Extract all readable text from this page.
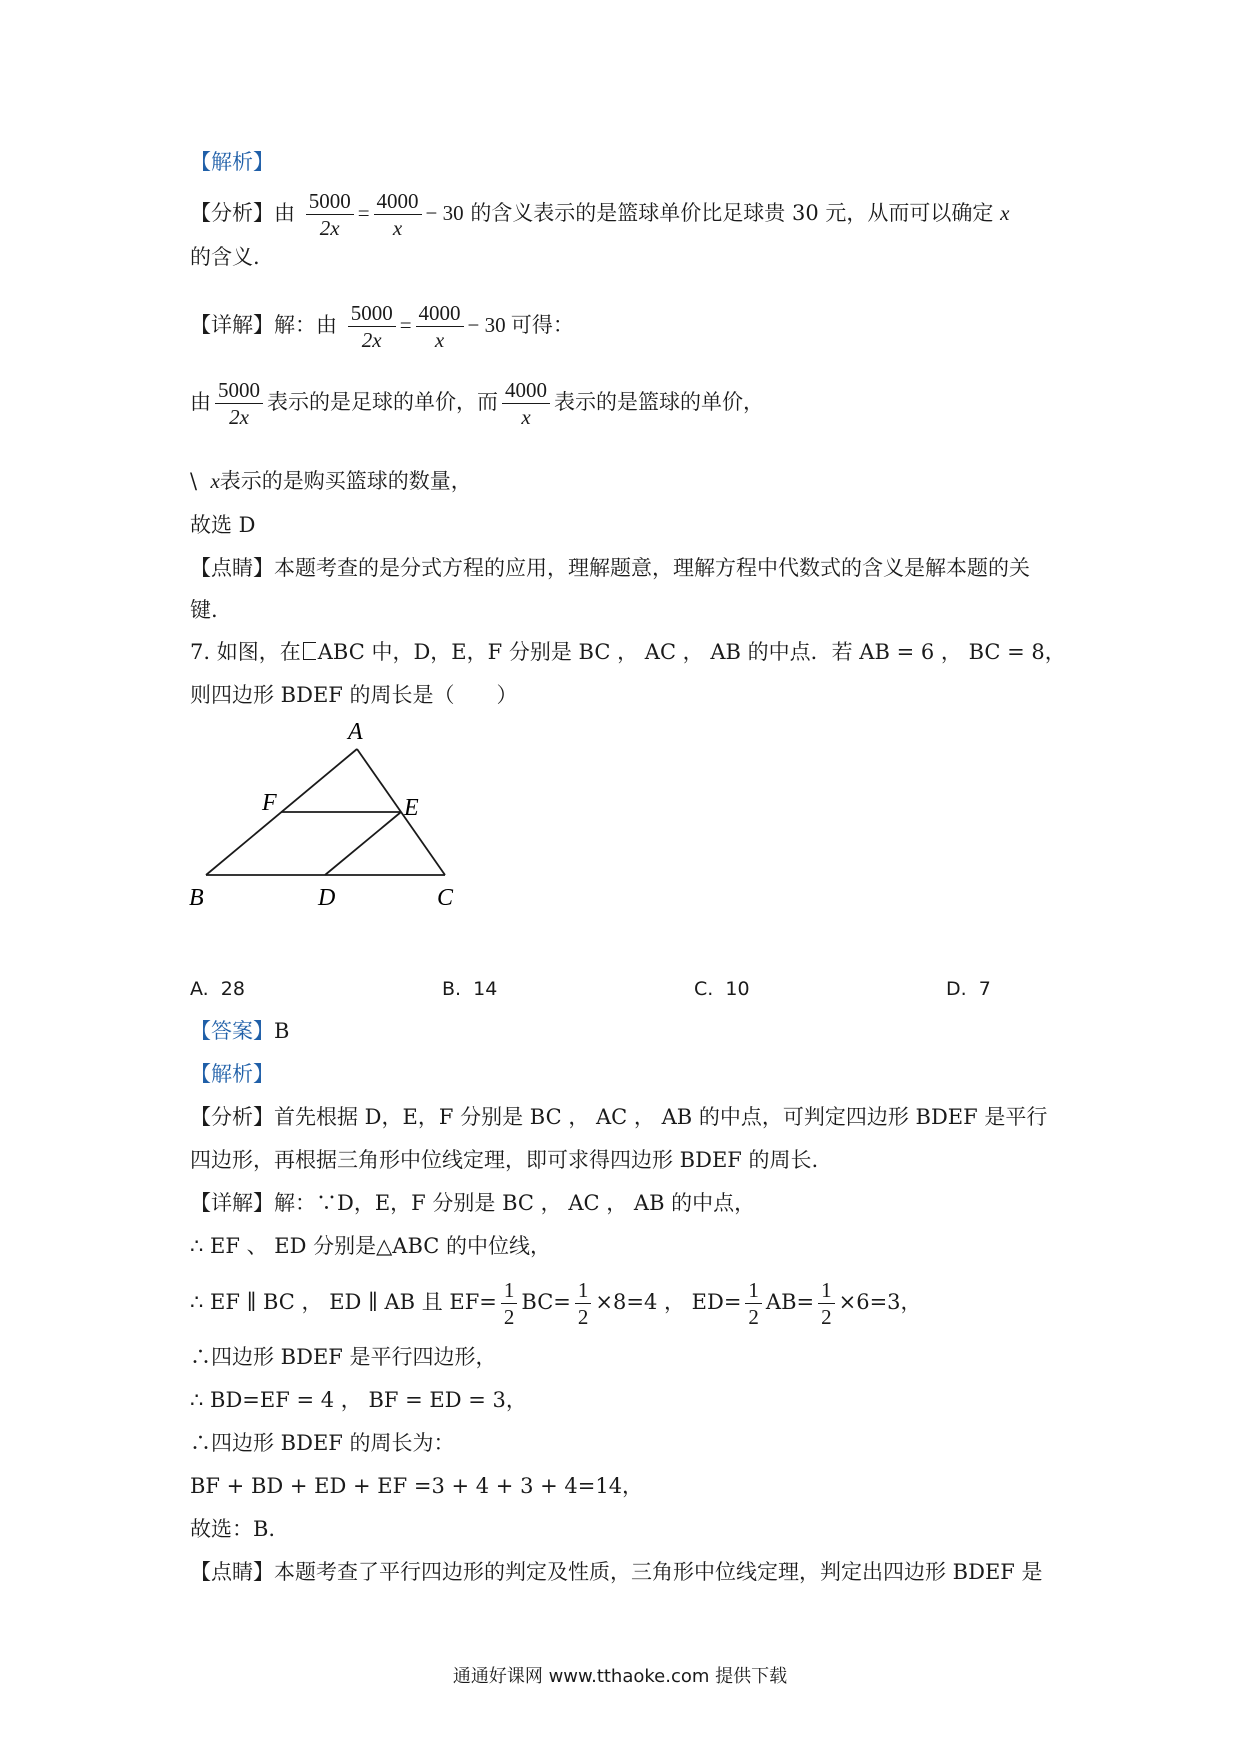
【解析】
【分析】由 $\frac{5000}{2x} = \frac{4000}{x} - 30$ 的含义表示的是篮球单价比足球贵 30 元，从而可以确定 x
的含义.
【详解】解：由 $\frac{5000}{2x} = \frac{4000}{x} - 30$ 可得：
由 $\frac{5000}{2x}$ 表示的是足球的单价，而 $\frac{4000}{x}$ 表示的是篮球的单价，
\ x表示的是购买篮球的数量，
故选 D
【点睛】本题考查的是分式方程的应用，理解题意，理解方程中代数式的含义是解本题的关
键.
7. 如图，在 ABC 中，D，E，F 分别是 BC ， AC ， AB 的中点．若 AB = 6 ， BC = 8，
则四边形 BDEF 的周长是（　　）
A
F	E
B	D	C
A. 28	B. 14	C. 10	D. 7
【答案】B
【解析】
【分析】首先根据 D，E，F 分别是 BC ， AC ， AB 的中点，可判定四边形 BDEF 是平行
四边形，再根据三角形中位线定理，即可求得四边形 BDEF 的周长.
【详解】解：∵D，E，F 分别是 BC ， AC ， AB 的中点，
∴ EF 、 ED 分别是△ABC 的中位线，
∴ EF ∥ BC ， ED ∥ AB 且 $EF= \frac{1}{2} BC= \frac{1}{2} \times 8=4$ ， $ED= \frac{1}{2} AB= \frac{1}{2} \times 6=3$，
∴四边形 BDEF 是平行四边形，
∴ BD=EF = 4 ， BF = ED = 3，
∴四边形 BDEF 的周长为：
BF + BD + ED + EF =3 + 4 + 3 + 4=14，
故选：B.
【点睛】本题考查了平行四边形的判定及性质，三角形中位线定理，判定出四边形 BDEF 是
通通好课网 www.tthaoke.com 提供下载
